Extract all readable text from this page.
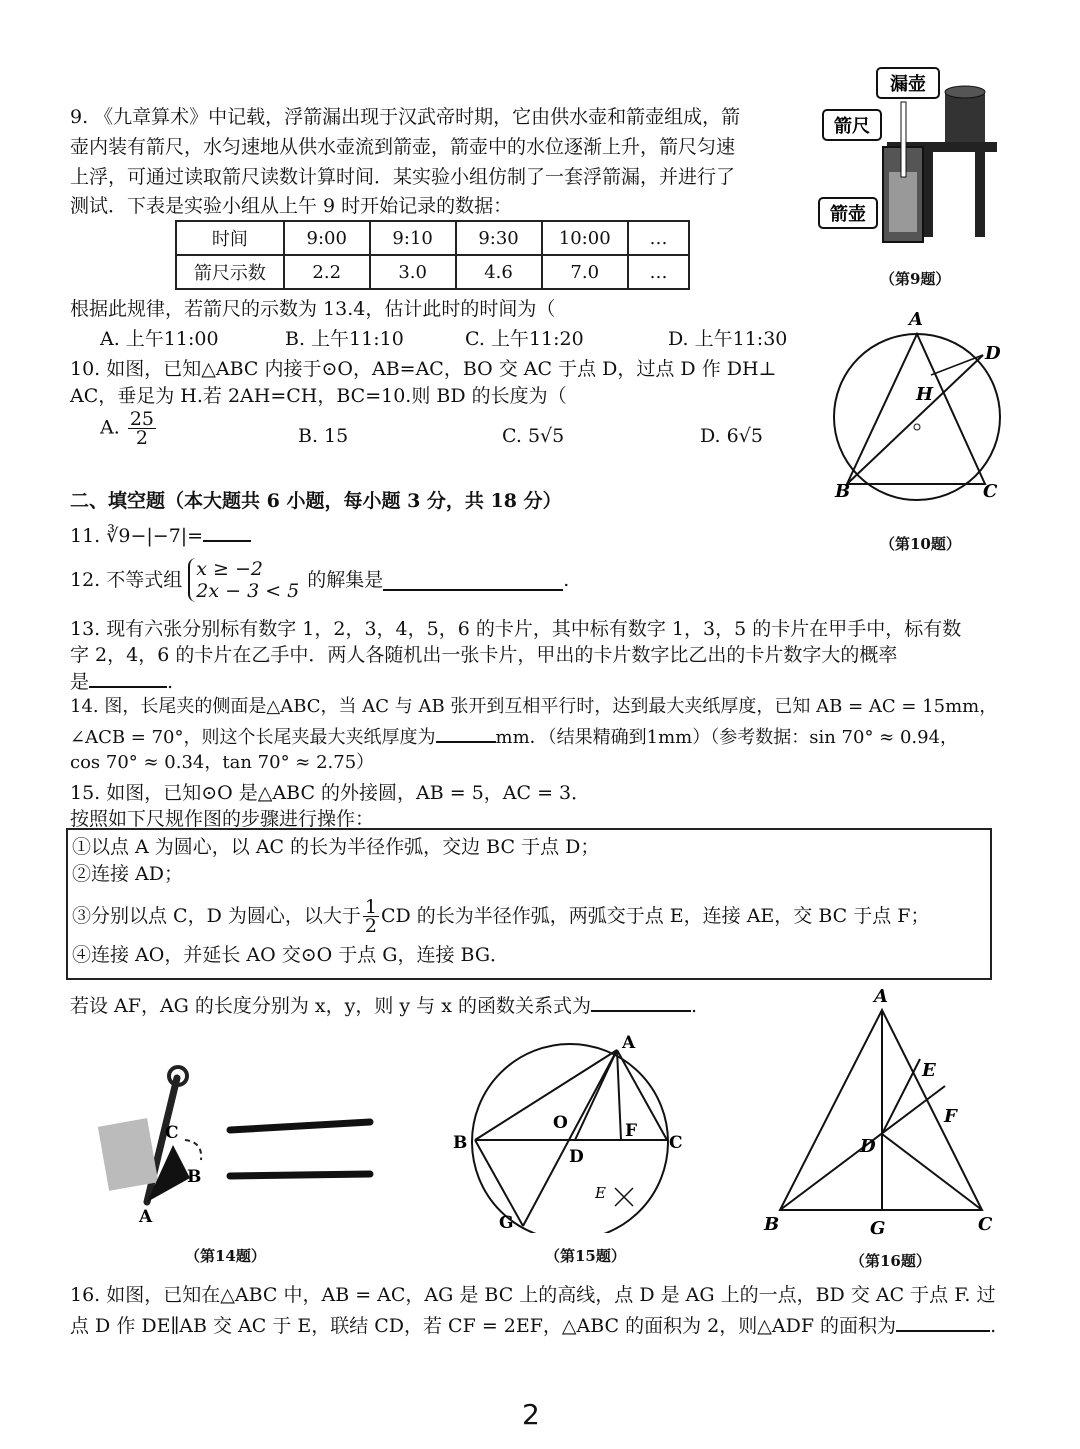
9. 《九章算术》中记载，浮箭漏出现于汉武帝时期，它由供水壶和箭壶组成，箭
壶内装有箭尺，水匀速地从供水壶流到箭壶，箭壶中的水位逐渐上升，箭尺匀速
上浮，可通过读取箭尺读数计算时间．某实验小组仿制了一套浮箭漏，并进行了
测试．下表是实验小组从上午 9 时开始记录的数据：
时间	9:00	9:10	9:30	10:00	…
箭尺示数	2.2	3.0	4.6	7.0	…
根据此规律，若箭尺的示数为 13.4，估计此时的时间为（
A. 上午11:00	B. 上午11:10	C. 上午11:20	D. 上午11:30
漏壶
箭尺
箭壶
（第9题）
10. 如图，已知△ABC 内接于⊙O，AB=AC，BO 交 AC 于点 D，过点 D 作 DH⊥
AC，垂足为 H.若 2AH=CH，BC=10.则 BD 的长度为（
A. $\frac{25}{2}$	B. 15	C. 5√5	D. 6√5
A
D
H
B	C
（第10题）
二、填空题（本大题共 6 小题，每小题 3 分，共 18 分）
11. ∛9−|−7|=
12. 不等式组 x ≥ −2
2x − 3 < 5 的解集是	.
13. 现有六张分别标有数字 1，2，3，4，5，6 的卡片，其中标有数字 1，3，5 的卡片在甲手中，标有数
字 2，4，6 的卡片在乙手中．两人各随机出一张卡片，甲出的卡片数字比乙出的卡片数字大的概率
是	.
14. 图，长尾夹的侧面是△ABC，当 AC 与 AB 张开到互相平行时，达到最大夹纸厚度，已知 AB = AC = 15mm，
∠ACB = 70°，则这个长尾夹最大夹纸厚度为	mm．（结果精确到1mm）（参考数据：sin 70° ≈ 0.94，
cos 70° ≈ 0.34，tan 70° ≈ 2.75）
15. 如图，已知⊙O 是△ABC 的外接圆，AB = 5，AC = 3．
按照如下尺规作图的步骤进行操作：
①以点 A 为圆心，以 AC 的长为半径作弧，交边 BC 于点 D；
②连接 AD；
③分别以点 C，D 为圆心，以大于 $\frac{1}{2}$ CD 的长为半径作弧，两弧交于点 E，连接 AE，交 BC 于点 F；
④连接 AO，并延长 AO 交⊙O 于点 G，连接 BG．
若设 AF，AG 的长度分别为 x，y，则 y 与 x 的函数关系式为	.
C
B
A
（第14题）
A
B	C
O
D
F
G
E
（第15题）
A
B	C
D
E
F
G
（第16题）
16. 如图，已知在△ABC 中，AB = AC，AG 是 BC 上的高线，点 D 是 AG 上的一点，BD 交 AC 于点 F. 过
点 D 作 DE∥AB 交 AC 于 E，联结 CD，若 CF = 2EF，△ABC 的面积为 2，则△ADF 的面积为	.
2
